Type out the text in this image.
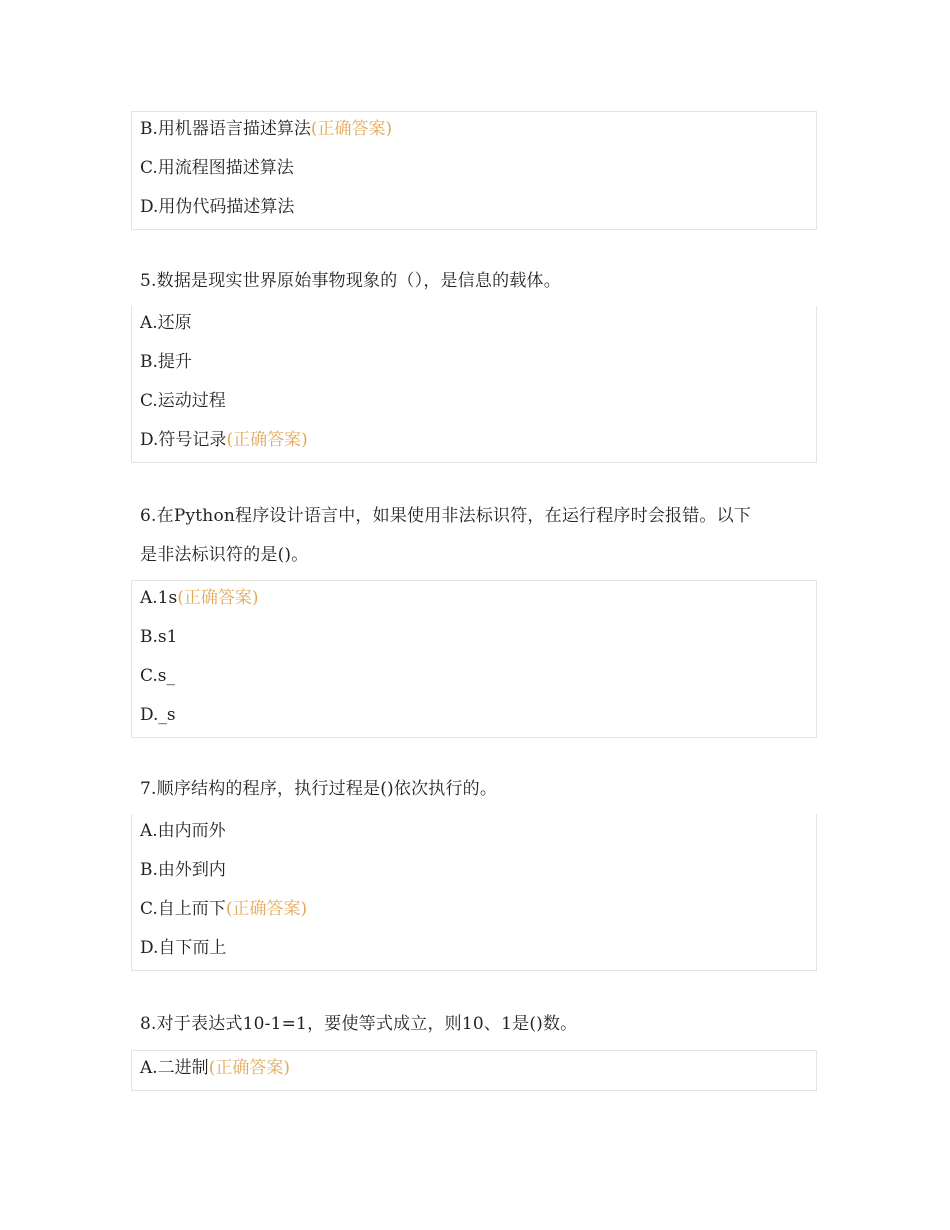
B.用机器语言描述算法(正确答案)
C.用流程图描述算法
D.用伪代码描述算法
5.数据是现实世界原始事物现象的（），是信息的载体。
A.还原
B.提升
C.运动过程
D.符号记录(正确答案)
6.在Python程序设计语言中，如果使用非法标识符，在运行程序时会报错。以下
是非法标识符的是()。
A.1s(正确答案)
B.s1
C.s_
D._s
7.顺序结构的程序，执行过程是()依次执行的。
A.由内而外
B.由外到内
C.自上而下(正确答案)
D.自下而上
8.对于表达式10-1=1，要使等式成立，则10、1是()数。
A.二进制(正确答案)
